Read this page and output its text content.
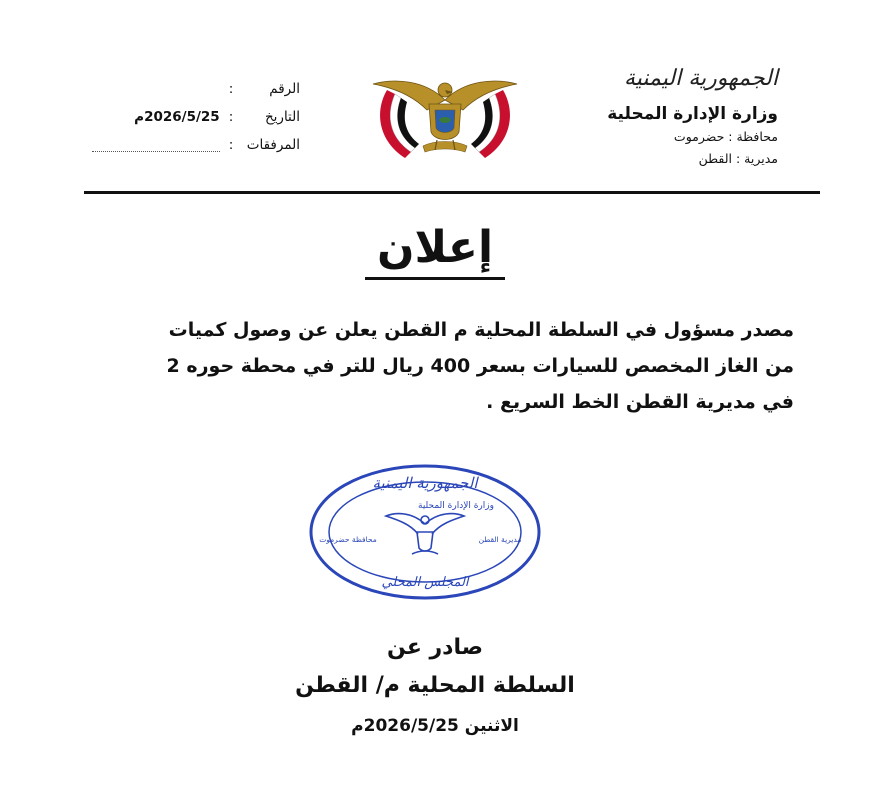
الجمهورية اليمنية
وزارة الإدارة المحلية
محافظة : حضرموت
مديرية : القطن
الرقم:
التاريخ: 2026/5/25م
المرفقات:
إعلان
مصدر مسؤول في السلطة المحلية م القطن يعلن عن وصول كميات
من الغاز المخصص للسيارات بسعر 400 ريال للتر في محطة حوره 2
في مديرية القطن الخط السريع .
الجمهورية اليمنية
وزارة الإدارة المحلية
مديرية القطن
محافظة حضرموت
المجلس المحلي
صادر عن
السلطة المحلية م/ القطن
الاثنين 2026/5/25م
